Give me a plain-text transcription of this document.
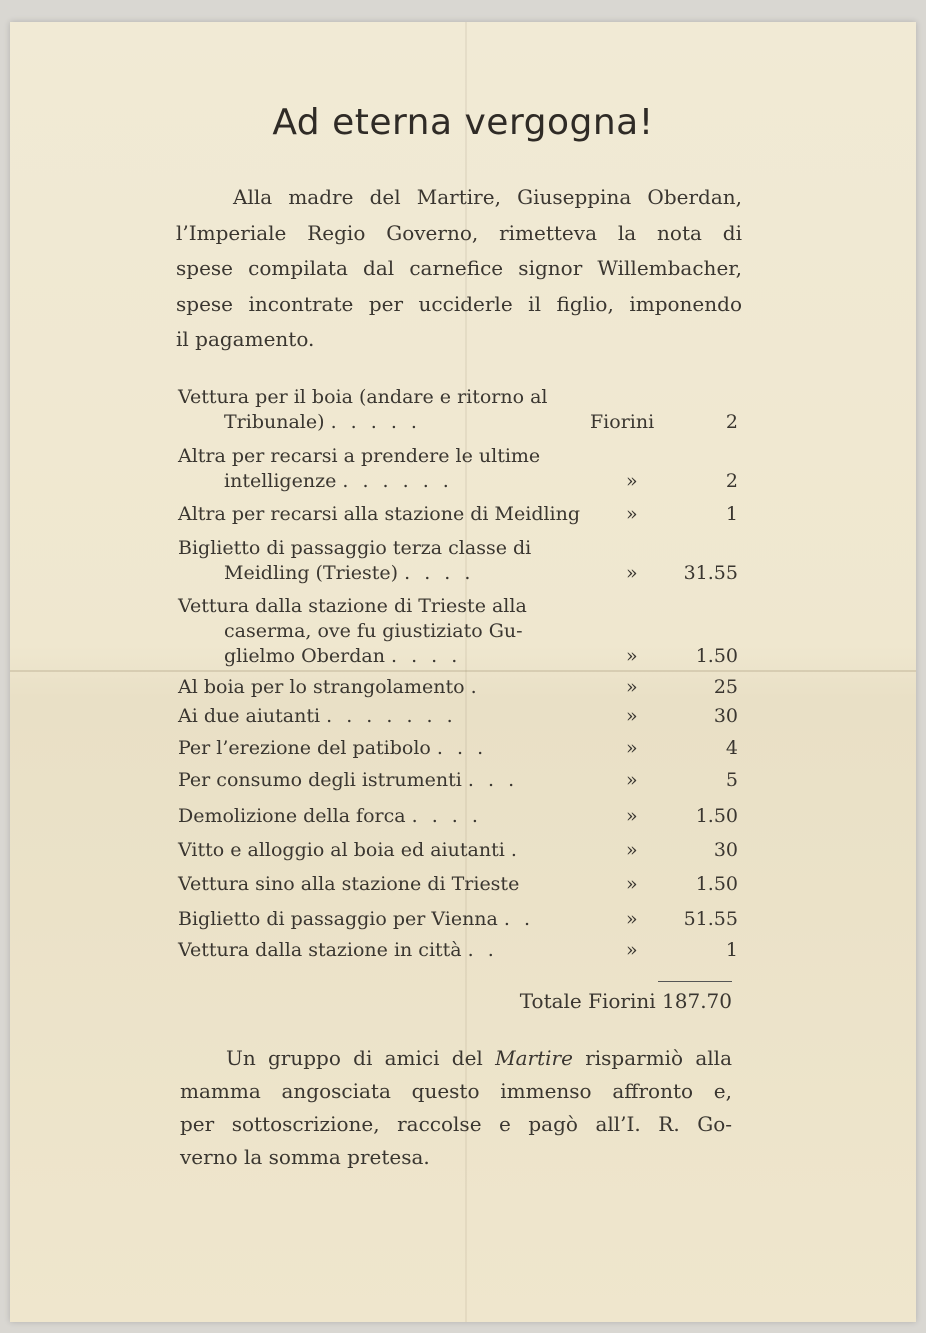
Ad eterna vergogna!
Alla madre del Martire, Giuseppina Oberdan,
l’Imperiale Regio Governo, rimetteva la nota di
spese compilata dal carnefice signor Willembacher,
spese incontrate per ucciderle il figlio, imponendo
il pagamento.
Vettura per il boia (andare e ritorno al
Tribunale) . . . . .	Fiorini	2
Altra per recarsi a prendere le ultime
intelligenze . . . . . .	»	2
Altra per recarsi alla stazione di Meidling	»	1
Biglietto di passaggio terza classe di
Meidling (Trieste) . . . .	»	31.55
Vettura dalla stazione di Trieste alla
caserma, ove fu giustiziato Gu-
glielmo Oberdan . . . .	»	1.50
Al boia per lo strangolamento .	»	25
Ai due aiutanti . . . . . . .	»	30
Per l’erezione del patibolo . . .	»	4
Per consumo degli istrumenti . . .	»	5
Demolizione della forca . . . .	»	1.50
Vitto e alloggio al boia ed aiutanti .	»	30
Vettura sino alla stazione di Trieste	»	1.50
Biglietto di passaggio per Vienna . .	»	51.55
Vettura dalla stazione in città . .	»	1
Totale Fiorini 187.70
Un gruppo di amici del Martire risparmiò alla
mamma angosciata questo immenso affronto e,
per sottoscrizione, raccolse e pagò all’I. R. Go-
verno la somma pretesa.
